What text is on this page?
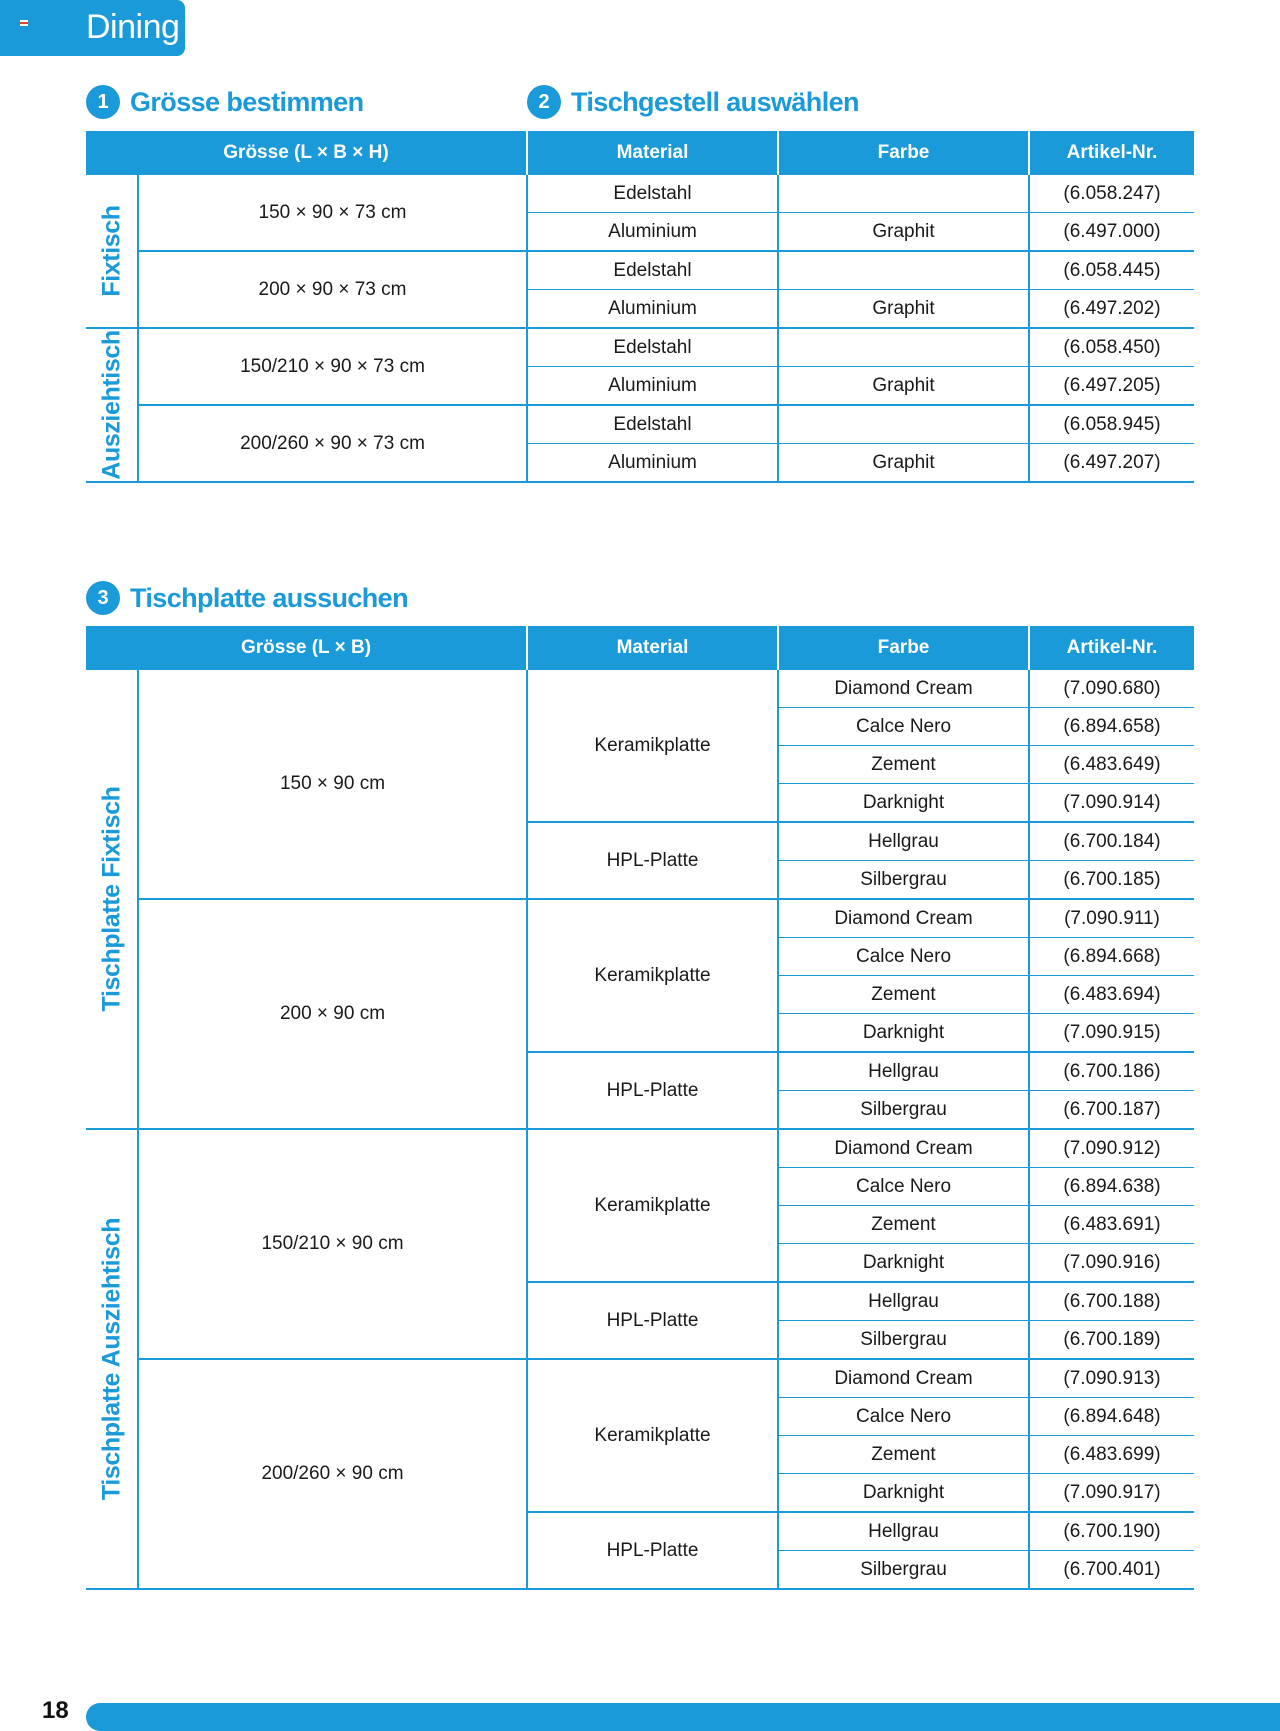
Dining
1 Grösse bestimmen	2 Tischgestell auswählen
3 Tischplatte aussuchen
Grösse (L × B × H)		Material	Farbe	Artikel-Nr.

Fixtisch	150 × 90 × 73 cm	Edelstahl		(6.058.247)
		Aluminium	Graphit	(6.497.000)
	200 × 90 × 73 cm	Edelstahl		(6.058.445)
		Aluminium	Graphit	(6.497.202)

Ausziehtisch	150/210 × 90 × 73 cm	Edelstahl		(6.058.450)
		Aluminium	Graphit	(6.497.205)
	200/260 × 90 × 73 cm	Edelstahl		(6.058.945)
		Aluminium	Graphit	(6.497.207)
Grösse (L × B)		Material	Farbe	Artikel-Nr.

Tischplatte Fixtisch	150 × 90 cm	Keramikplatte	Diamond Cream	(7.090.680)
			Calce Nero	(6.894.658)
			Zement	(6.483.649)
			Darknight	(7.090.914)
		HPL-Platte	Hellgrau	(6.700.184)
			Silbergrau	(6.700.185)
	200 × 90 cm	Keramikplatte	Diamond Cream	(7.090.911)
			Calce Nero	(6.894.668)
			Zement	(6.483.694)
			Darknight	(7.090.915)
		HPL-Platte	Hellgrau	(6.700.186)
			Silbergrau	(6.700.187)

Tischplatte Ausziehtisch	150/210 × 90 cm	Keramikplatte	Diamond Cream	(7.090.912)
			Calce Nero	(6.894.638)
			Zement	(6.483.691)
			Darknight	(7.090.916)
		HPL-Platte	Hellgrau	(6.700.188)
			Silbergrau	(6.700.189)
	200/260 × 90 cm	Keramikplatte	Diamond Cream	(7.090.913)
			Calce Nero	(6.894.648)
			Zement	(6.483.699)
			Darknight	(7.090.917)
		HPL-Platte	Hellgrau	(6.700.190)
			Silbergrau	(6.700.401)
18
